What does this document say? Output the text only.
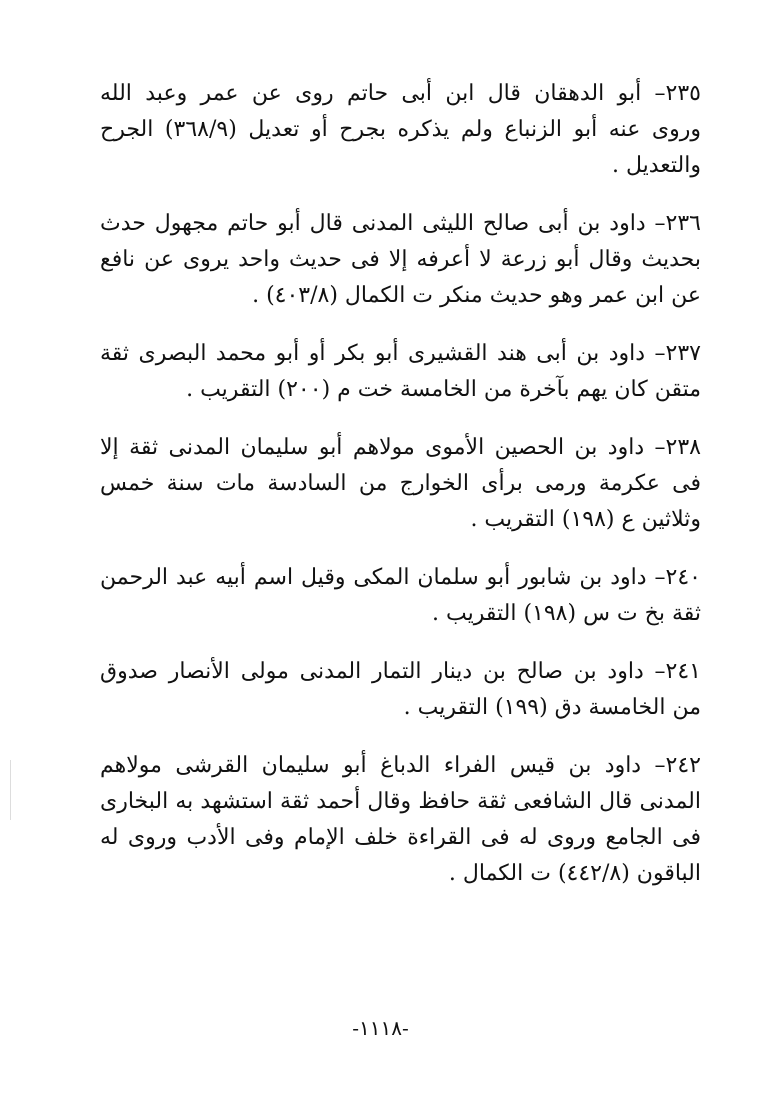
٢٣٥– أبو الدهقان قال ابن أبى حاتم روى عن عمر وعبد الله
وروى عنه أبو الزنباع ولم يذكره بجرح أو تعديل (٣٦٨/٩) الجرح
والتعديل .
٢٣٦– داود بن أبى صالح الليثى المدنى قال أبو حاتم مجهول حدث
بحديث وقال أبو زرعة لا أعرفه إلا فى حديث واحد يروى عن نافع
عن ابن عمر وهو حديث منكر ت الكمال (٤٠٣/٨) .
٢٣٧– داود بن أبى هند القشيرى أبو بكر أو أبو محمد البصرى ثقة
متقن كان يهم بآخرة من الخامسة خت م (٢٠٠) التقريب .
٢٣٨– داود بن الحصين الأموى مولاهم أبو سليمان المدنى ثقة إلا
فى عكرمة ورمى برأى الخوارج من السادسة مات سنة خمس
وثلاثين ع (١٩٨) التقريب .
٢٤٠– داود بن شابور أبو سلمان المكى وقيل اسم أبيه عبد الرحمن
ثقة بخ ت س (١٩٨) التقريب .
٢٤١– داود بن صالح بن دينار التمار المدنى مولى الأنصار صدوق
من الخامسة دق (١٩٩) التقريب .
٢٤٢– داود بن قيس الفراء الدباغ أبو سليمان القرشى مولاهم
المدنى قال الشافعى ثقة حافظ وقال أحمد ثقة استشهد به البخارى
فى الجامع وروى له فى القراءة خلف الإمام وفى الأدب وروى له
الباقون (٤٤٢/٨) ت الكمال .
-١١١٨-
